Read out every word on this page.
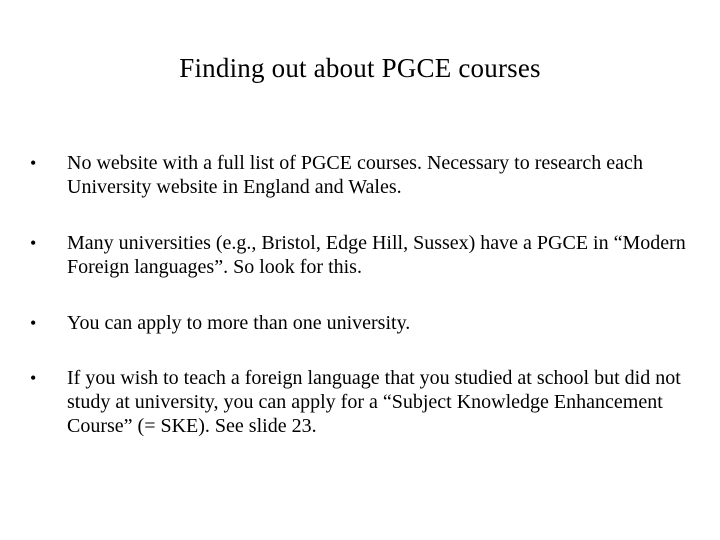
Finding out about PGCE courses
• No website with a full list of PGCE courses. Necessary to research each University website in England and Wales.
• Many universities (e.g., Bristol, Edge Hill, Sussex) have a PGCE in “Modern Foreign languages”. So look for this.
• You can apply to more than one university.
• If you wish to teach a foreign language that you studied at school but did not study at university, you can apply for a “Subject Knowledge Enhancement Course” (= SKE). See slide 23.
